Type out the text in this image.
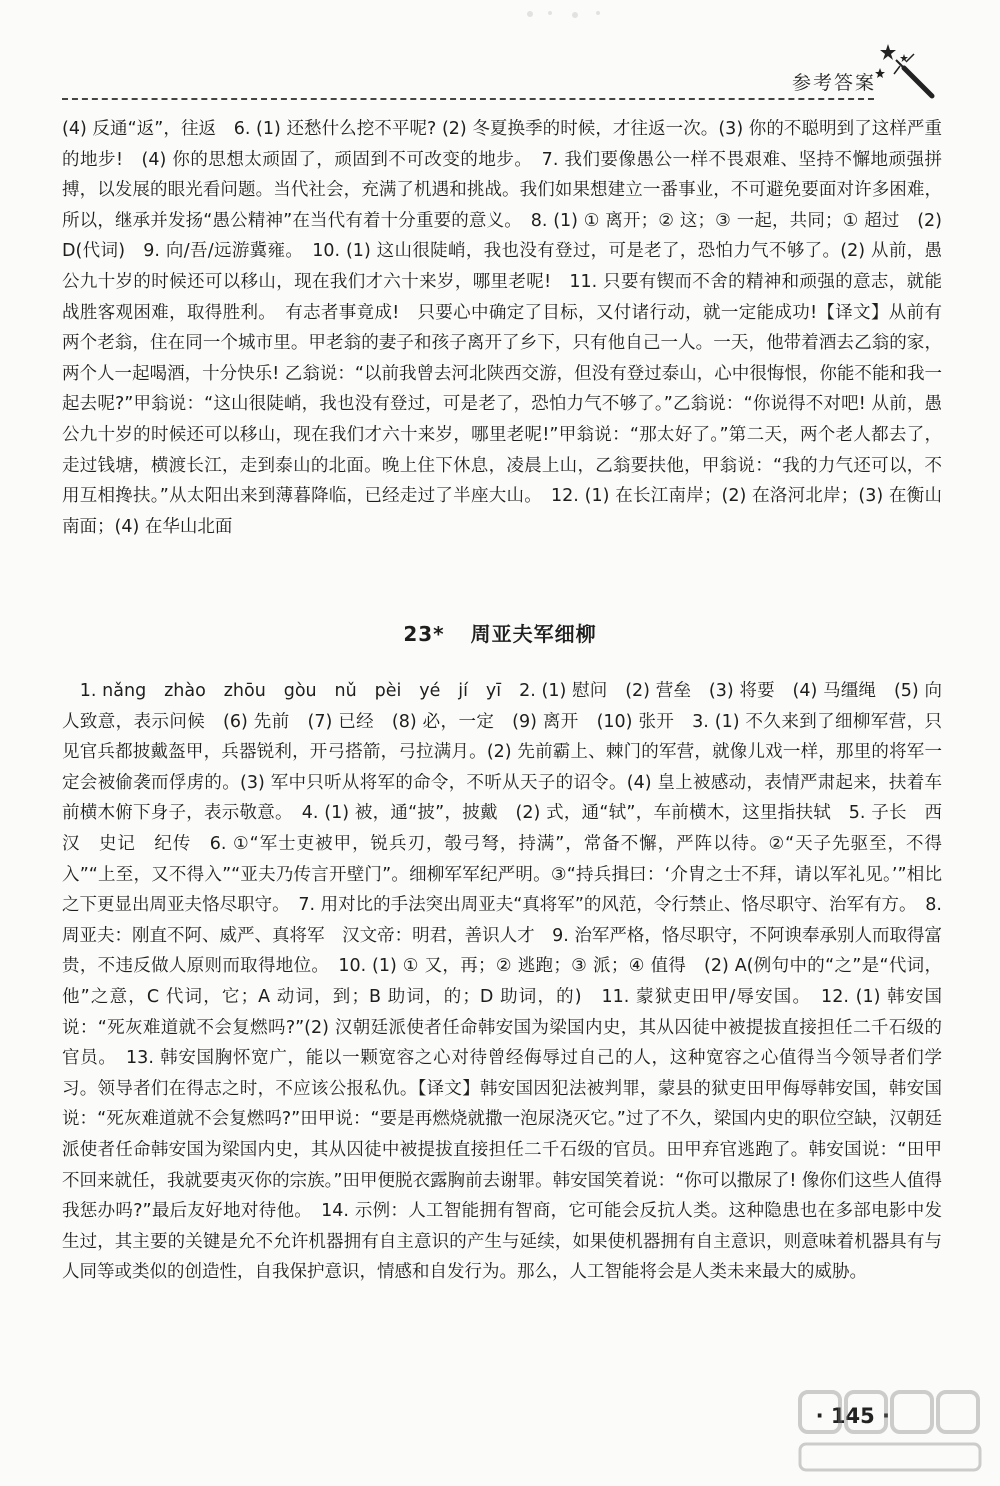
参考答案

(4) 反通“返”，往返　6. (1) 还愁什么挖不平呢? (2) 冬夏换季的时候，才往返一次。(3) 你的不聪明到了这样严重的地步!　(4) 你的思想太顽固了，顽固到不可改变的地步。　7. 我们要像愚公一样不畏艰难、坚持不懈地顽强拼搏，以发展的眼光看问题。当代社会，充满了机遇和挑战。我们如果想建立一番事业，不可避免要面对许多困难，所以，继承并发扬“愚公精神”在当代有着十分重要的意义。　8. (1) ① 离开；② 这；③ 一起，共同；① 超过　(2) D(代词)　9. 向/吾/远游冀雍。　10. (1) 这山很陡峭，我也没有登过，可是老了，恐怕力气不够了。(2) 从前，愚公九十岁的时候还可以移山，现在我们才六十来岁，哪里老呢!　11. 只要有锲而不舍的精神和顽强的意志，就能战胜客观困难，取得胜利。　有志者事竟成!　只要心中确定了目标，又付诸行动，就一定能成功!【译文】从前有两个老翁，住在同一个城市里。甲老翁的妻子和孩子离开了乡下，只有他自己一人。一天，他带着酒去乙翁的家，两个人一起喝酒，十分快乐! 乙翁说：“以前我曾去河北陕西交游，但没有登过泰山，心中很悔恨，你能不能和我一起去呢?”甲翁说：“这山很陡峭，我也没有登过，可是老了，恐怕力气不够了。”乙翁说：“你说得不对吧! 从前，愚公九十岁的时候还可以移山，现在我们才六十来岁，哪里老呢!”甲翁说：“那太好了。”第二天，两个老人都去了，走过钱塘，横渡长江，走到泰山的北面。晚上住下休息，凌晨上山，乙翁要扶他，甲翁说：“我的力气还可以，不用互相搀扶。”从太阳出来到薄暮降临，已经走过了半座大山。　12. (1) 在长江南岸；(2) 在洛河北岸；(3) 在衡山南面；(4) 在华山北面

23* 周亚夫军细柳

　1. nǎng　zhào　zhōu　gòu　nǔ　pèi　yé　jí　yī　2. (1) 慰问　(2) 营垒　(3) 将要　(4) 马缰绳　(5) 向人致意，表示问候　(6) 先前　(7) 已经　(8) 必，一定　(9) 离开　(10) 张开　3. (1) 不久来到了细柳军营，只见官兵都披戴盔甲，兵器锐利，开弓搭箭，弓拉满月。(2) 先前霸上、棘门的军营，就像儿戏一样，那里的将军一定会被偷袭而俘虏的。(3) 军中只听从将军的命令，不听从天子的诏令。(4) 皇上被感动，表情严肃起来，扶着车前横木俯下身子，表示敬意。　4. (1) 被，通“披”，披戴　(2) 式，通“轼”，车前横木，这里指扶轼　5. 子长　西汉　史记　纪传　6. ①“军士吏被甲，锐兵刃，彀弓弩，持满”，常备不懈，严阵以待。②“天子先驱至，不得入”“上至，又不得入”“亚夫乃传言开壁门”。细柳军军纪严明。③“持兵揖曰：‘介胄之士不拜，请以军礼见。’”相比之下更显出周亚夫恪尽职守。　7. 用对比的手法突出周亚夫“真将军”的风范，令行禁止、恪尽职守、治军有方。　8. 周亚夫：刚直不阿、威严、真将军　汉文帝：明君，善识人才　9. 治军严格，恪尽职守，不阿谀奉承别人而取得富贵，不违反做人原则而取得地位。　10. (1) ① 又，再；② 逃跑；③ 派；④ 值得　(2) A(例句中的“之”是“代词，他”之意，C 代词，它；A 动词，到；B 助词，的；D 助词，的)　11. 蒙狱吏田甲/辱安国。　12. (1) 韩安国说：“死灰难道就不会复燃吗?”(2) 汉朝廷派使者任命韩安国为梁国内史，其从囚徒中被提拔直接担任二千石级的官员。　13. 韩安国胸怀宽广，能以一颗宽容之心对待曾经侮辱过自己的人，这种宽容之心值得当今领导者们学习。领导者们在得志之时，不应该公报私仇。【译文】韩安国因犯法被判罪，蒙县的狱吏田甲侮辱韩安国，韩安国说：“死灰难道就不会复燃吗?”田甲说：“要是再燃烧就撒一泡尿浇灭它。”过了不久，梁国内史的职位空缺，汉朝廷派使者任命韩安国为梁国内史，其从囚徒中被提拔直接担任二千石级的官员。田甲弃官逃跑了。韩安国说：“田甲不回来就任，我就要夷灭你的宗族。”田甲便脱衣露胸前去谢罪。韩安国笑着说：“你可以撒尿了! 像你们这些人值得我惩办吗?”最后友好地对待他。　14. 示例：人工智能拥有智商，它可能会反抗人类。这种隐患也在多部电影中发生过，其主要的关键是允不允许机器拥有自主意识的产生与延续，如果使机器拥有自主意识，则意味着机器具有与人同等或类似的创造性，自我保护意识，情感和自发行为。那么，人工智能将会是人类未来最大的威胁。

· 145 ·
